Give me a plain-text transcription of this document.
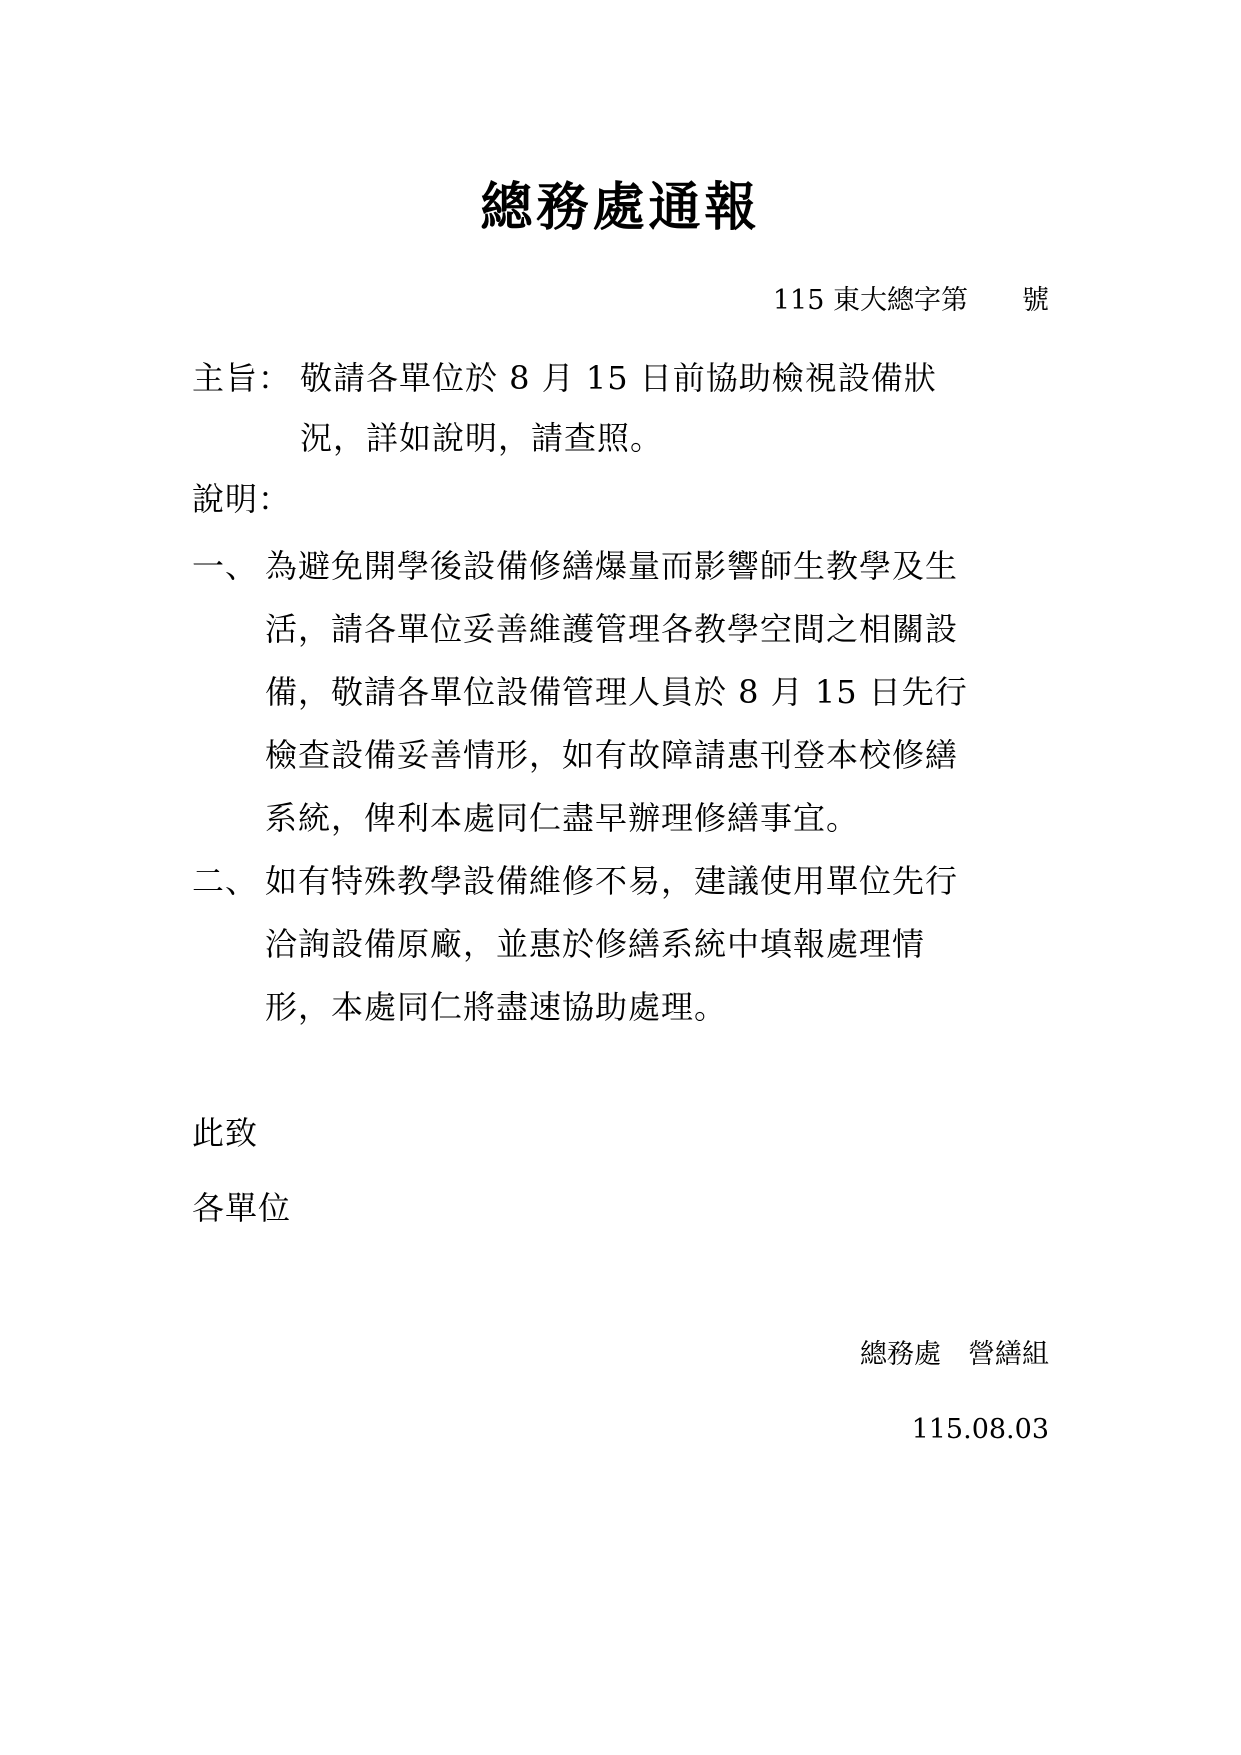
總務處通報
115 東大總字第　　號
主旨： 敬請各單位於 8 月 15 日前協助檢視設備狀
況，詳如說明，請查照。
說明：
一、 為避免開學後設備修繕爆量而影響師生教學及生
活，請各單位妥善維護管理各教學空間之相關設
備，敬請各單位設備管理人員於 8 月 15 日先行
檢查設備妥善情形，如有故障請惠刊登本校修繕
系統，俾利本處同仁盡早辦理修繕事宜。
二、 如有特殊教學設備維修不易，建議使用單位先行
洽詢設備原廠，並惠於修繕系統中填報處理情
形，本處同仁將盡速協助處理。
此致
各單位
總務處　營繕組
115.08.03
